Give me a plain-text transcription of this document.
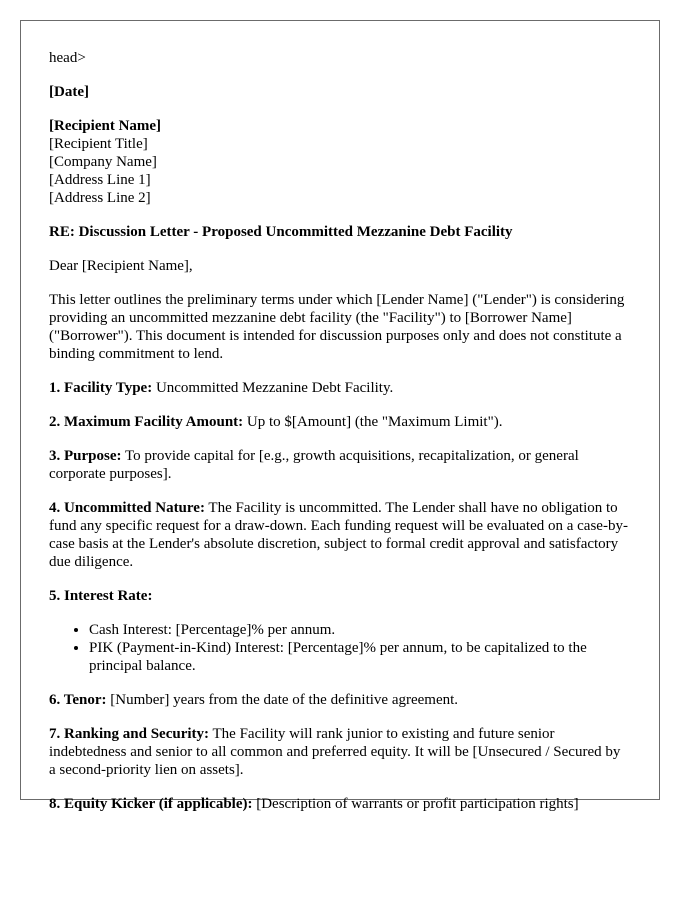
head>

[Date]

[Recipient Name]
[Recipient Title]
[Company Name]
[Address Line 1]
[Address Line 2]

RE: Discussion Letter - Proposed Uncommitted Mezzanine Debt Facility

Dear [Recipient Name],

This letter outlines the preliminary terms under which [Lender Name] ("Lender") is considering providing an uncommitted mezzanine debt facility (the "Facility") to [Borrower Name] ("Borrower"). This document is intended for discussion purposes only and does not constitute a binding commitment to lend.

1. Facility Type: Uncommitted Mezzanine Debt Facility.

2. Maximum Facility Amount: Up to $[Amount] (the "Maximum Limit").

3. Purpose: To provide capital for [e.g., growth acquisitions, recapitalization, or general corporate purposes].

4. Uncommitted Nature: The Facility is uncommitted. The Lender shall have no obligation to fund any specific request for a draw-down. Each funding request will be evaluated on a case-by-case basis at the Lender's absolute discretion, subject to formal credit approval and satisfactory due diligence.

5. Interest Rate:

• Cash Interest: [Percentage]% per annum.
• PIK (Payment-in-Kind) Interest: [Percentage]% per annum, to be capitalized to the principal balance.

6. Tenor: [Number] years from the date of the definitive agreement.

7. Ranking and Security: The Facility will rank junior to existing and future senior indebtedness and senior to all common and preferred equity. It will be [Unsecured / Secured by a second-priority lien on assets].

8. Equity Kicker (if applicable): [Description of warrants or profit participation rights]
